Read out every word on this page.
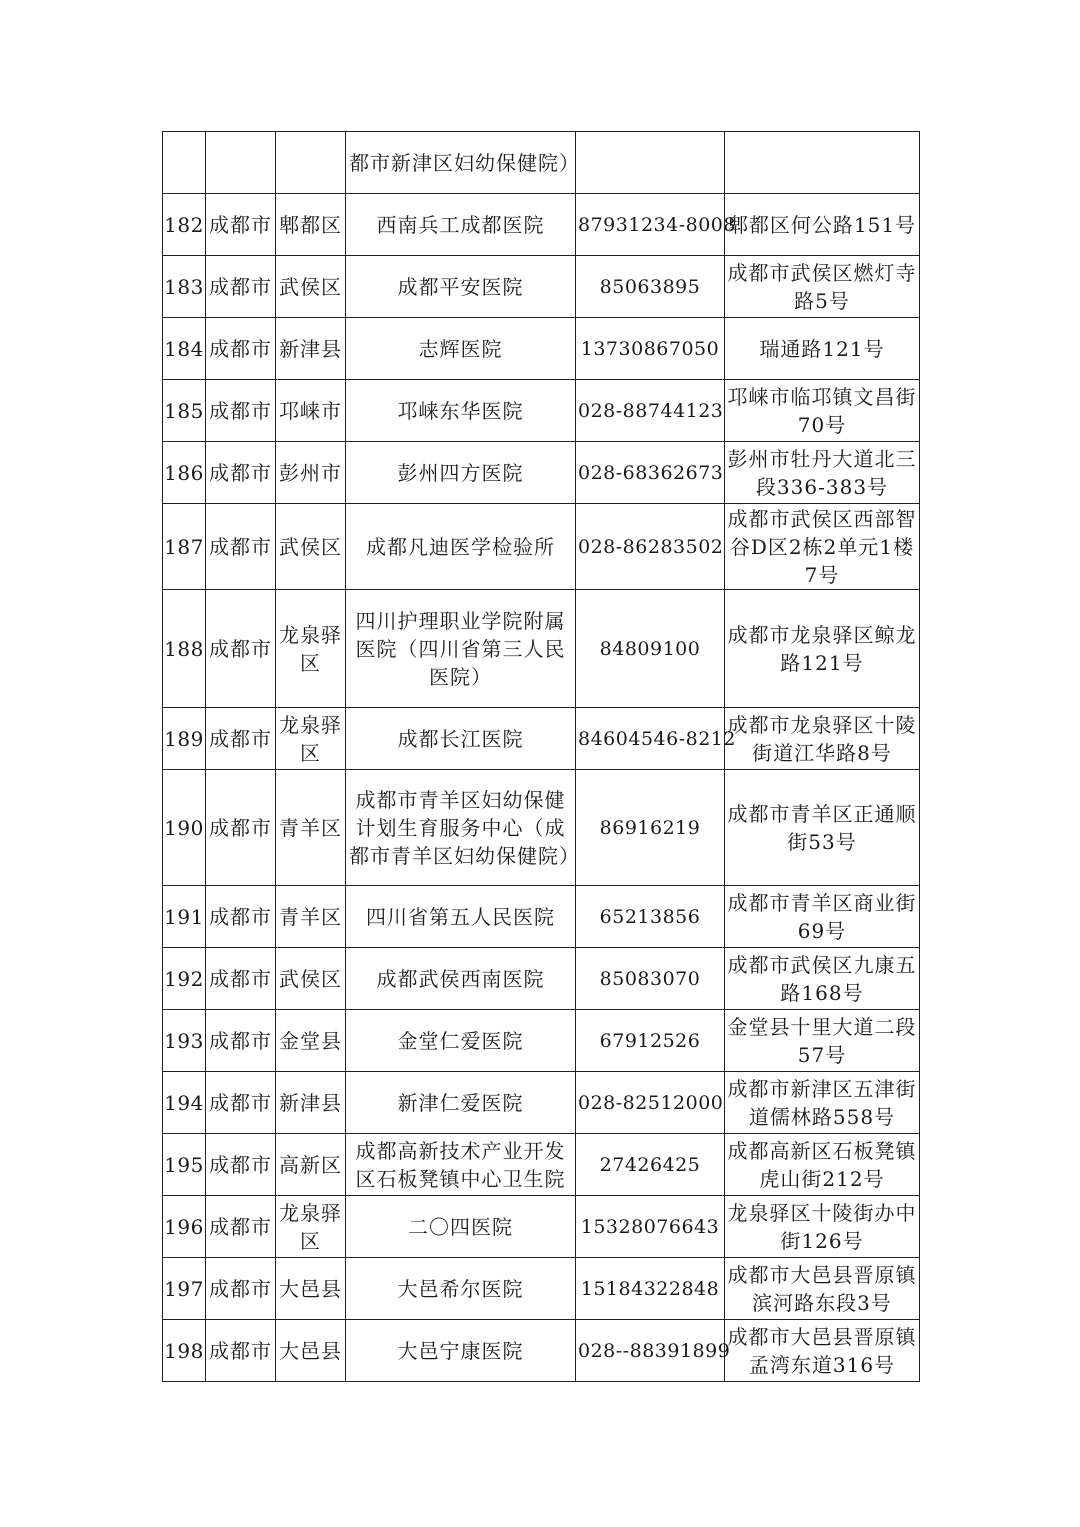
			都市新津区妇幼保健院）		
182	成都市	郫都区	西南兵工成都医院	87931234-8008	郫都区何公路151号
183	成都市	武侯区	成都平安医院	85063895	成都市武侯区燃灯寺路5号
184	成都市	新津县	志辉医院	13730867050	瑞通路121号
185	成都市	邛崃市	邛崃东华医院	028-88744123	邛崃市临邛镇文昌街70号
186	成都市	彭州市	彭州四方医院	028-68362673	彭州市牡丹大道北三段336-383号
187	成都市	武侯区	成都凡迪医学检验所	028-86283502	成都市武侯区西部智谷D区2栋2单元1楼7号
188	成都市	龙泉驿区	四川护理职业学院附属医院（四川省第三人民医院）	84809100	成都市龙泉驿区鲸龙路121号
189	成都市	龙泉驿区	成都长江医院	84604546-8212	成都市龙泉驿区十陵街道江华路8号
190	成都市	青羊区	成都市青羊区妇幼保健计划生育服务中心（成都市青羊区妇幼保健院）	86916219	成都市青羊区正通顺街53号
191	成都市	青羊区	四川省第五人民医院	65213856	成都市青羊区商业街69号
192	成都市	武侯区	成都武侯西南医院	85083070	成都市武侯区九康五路168号
193	成都市	金堂县	金堂仁爱医院	67912526	金堂县十里大道二段57号
194	成都市	新津县	新津仁爱医院	028-82512000	成都市新津区五津街道儒林路558号
195	成都市	高新区	成都高新技术产业开发区石板凳镇中心卫生院	27426425	成都高新区石板凳镇虎山街212号
196	成都市	龙泉驿区	二〇四医院	15328076643	龙泉驿区十陵街办中街126号
197	成都市	大邑县	大邑希尔医院	15184322848	成都市大邑县晋原镇滨河路东段3号
198	成都市	大邑县	大邑宁康医院	028--88391899	成都市大邑县晋原镇孟湾东道316号
